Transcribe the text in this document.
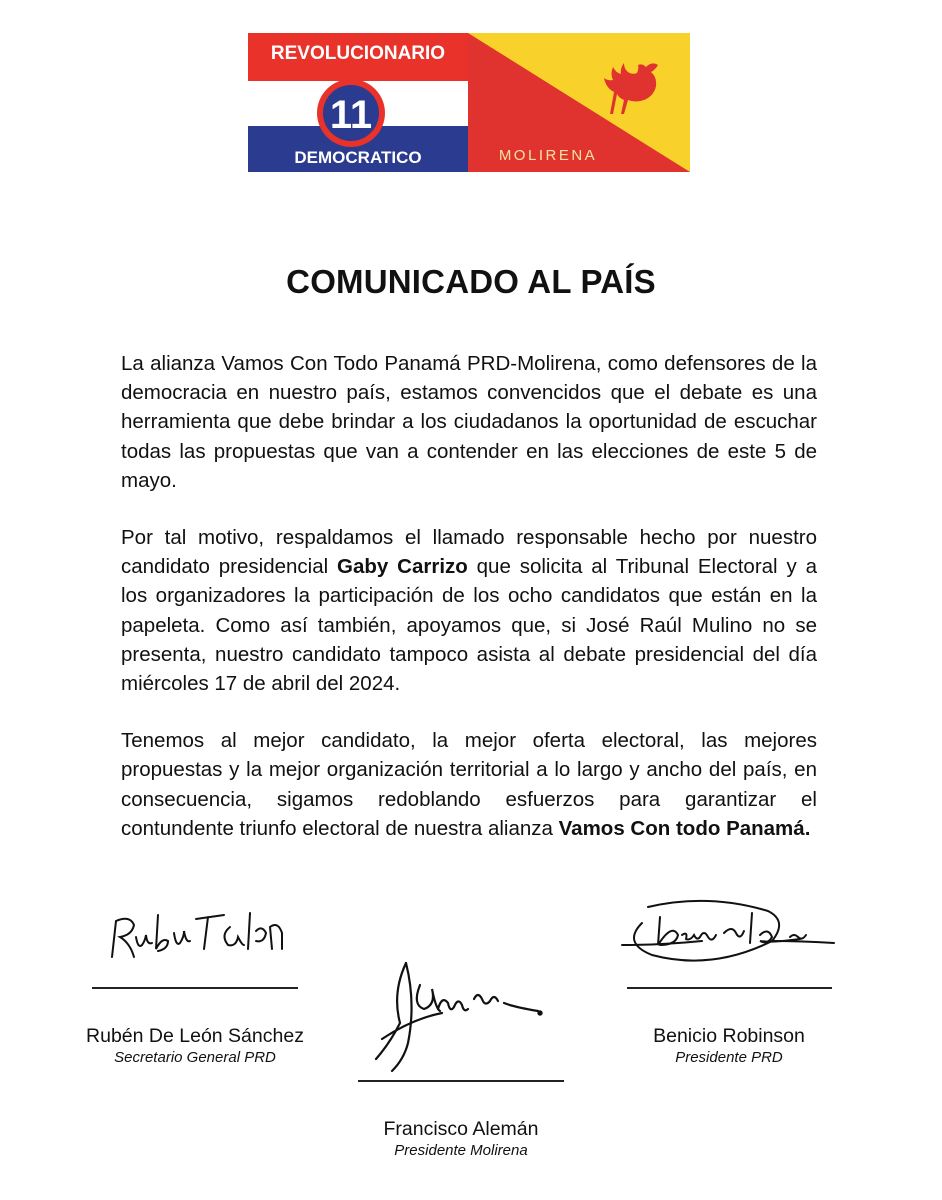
REVOLUCIONARIO
11
DEMOCRATICO	MOLIRENA
COMUNICADO AL PAÍS

La alianza Vamos Con Todo Panamá PRD-Molirena, como defensores de la democracia en nuestro país, estamos convencidos que el debate es una herramienta que debe brindar a los ciudadanos la oportunidad de escuchar todas las propuestas que van a contender en las elecciones de este 5 de mayo.

Por tal motivo, respaldamos el llamado responsable hecho por nuestro candidato presidencial Gaby Carrizo que solicita al Tribunal Electoral y a los organizadores la participación de los ocho candidatos que están en la papeleta. Como así también, apoyamos que, si José Raúl Mulino no se presenta, nuestro candidato tampoco asista al debate presidencial del día miércoles 17 de abril del 2024.

Tenemos al mejor candidato, la mejor oferta electoral, las mejores propuestas y la mejor organización territorial a lo largo y ancho del país, en consecuencia, sigamos redoblando esfuerzos para garantizar el contundente triunfo electoral de nuestra alianza Vamos Con todo Panamá.

Rubén De León Sánchez
Secretario General PRD
Francisco Alemán
Presidente Molirena
Benicio Robinson
Presidente PRD
